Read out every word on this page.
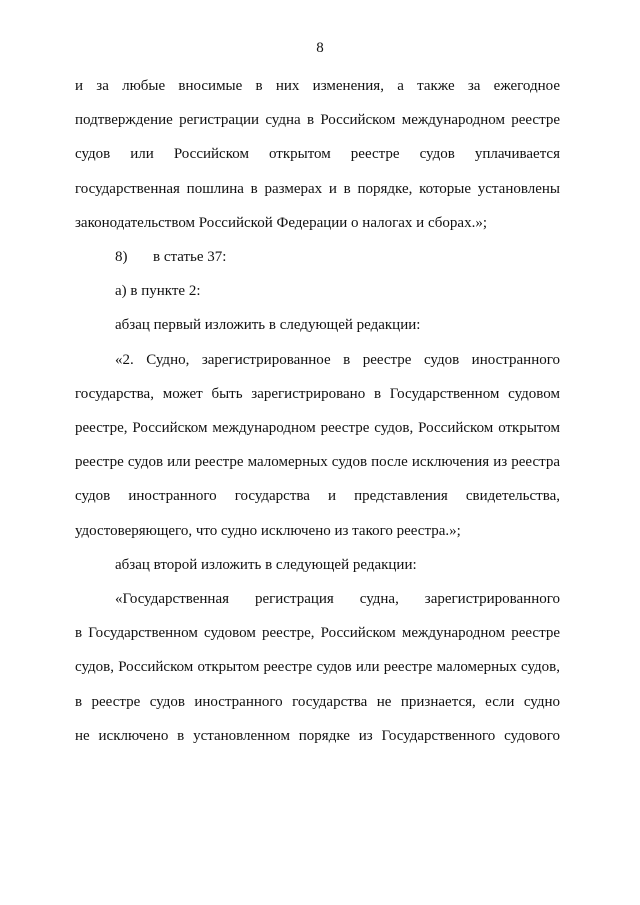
8

и за любые вносимые в них изменения, а также за ежегодное

подтверждение регистрации судна в Российском международном реестре

судов или Российском открытом реестре судов уплачивается

государственная пошлина в размерах и в порядке, которые установлены

законодательством Российской Федерации о налогах и сборах.»;

8) в статье 37:

а) в пункте 2:

абзац первый изложить в следующей редакции:

«2. Судно, зарегистрированное в реестре судов иностранного

государства, может быть зарегистрировано в Государственном судовом

реестре, Российском международном реестре судов, Российском открытом

реестре судов или реестре маломерных судов после исключения из реестра

судов иностранного государства и представления свидетельства,

удостоверяющего, что судно исключено из такого реестра.»;

абзац второй изложить в следующей редакции:

«Государственная регистрация судна, зарегистрированного

в Государственном судовом реестре, Российском международном реестре

судов, Российском открытом реестре судов или реестре маломерных судов,

в реестре судов иностранного государства не признается, если судно

не исключено в установленном порядке из Государственного судового
